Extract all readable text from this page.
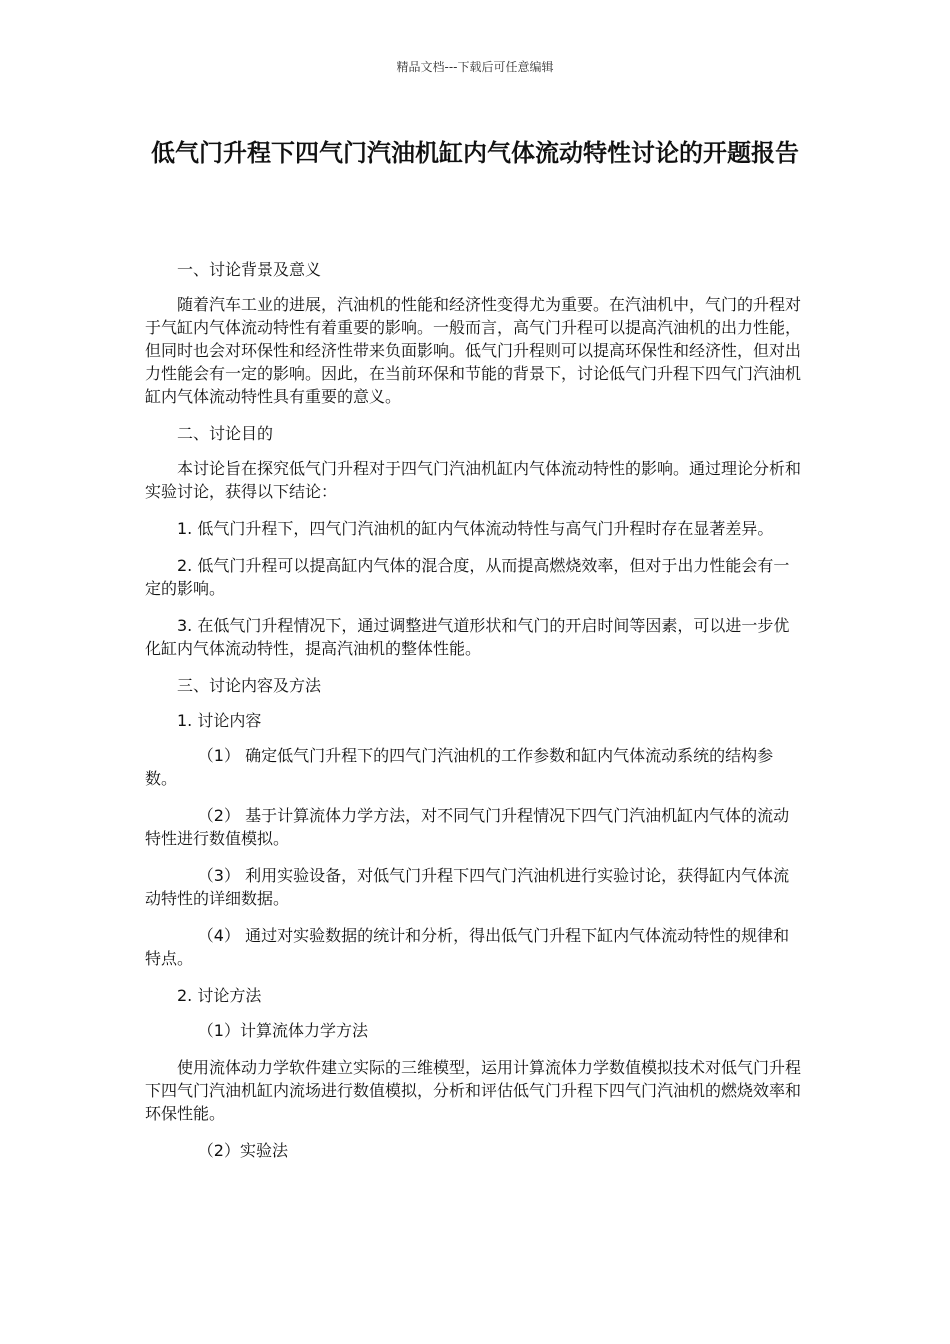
精品文档---下载后可任意编辑
低气门升程下四气门汽油机缸内气体流动特性讨论的开题报告

一、讨论背景及意义

随着汽车工业的进展，汽油机的性能和经济性变得尤为重要。在汽油机中，气门的升程对于气缸内气体流动特性有着重要的影响。一般而言，高气门升程可以提高汽油机的出力性能，但同时也会对环保性和经济性带来负面影响。低气门升程则可以提高环保性和经济性，但对出力性能会有一定的影响。因此，在当前环保和节能的背景下，讨论低气门升程下四气门汽油机缸内气体流动特性具有重要的意义。

二、讨论目的

本讨论旨在探究低气门升程对于四气门汽油机缸内气体流动特性的影响。通过理论分析和实验讨论，获得以下结论：

1. 低气门升程下，四气门汽油机的缸内气体流动特性与高气门升程时存在显著差异。

2. 低气门升程可以提高缸内气体的混合度，从而提高燃烧效率，但对于出力性能会有一定的影响。

3. 在低气门升程情况下，通过调整进气道形状和气门的开启时间等因素，可以进一步优化缸内气体流动特性，提高汽油机的整体性能。

三、讨论内容及方法

1. 讨论内容

（1） 确定低气门升程下的四气门汽油机的工作参数和缸内气体流动系统的结构参数。

（2） 基于计算流体力学方法，对不同气门升程情况下四气门汽油机缸内气体的流动特性进行数值模拟。

（3） 利用实验设备，对低气门升程下四气门汽油机进行实验讨论，获得缸内气体流动特性的详细数据。

（4） 通过对实验数据的统计和分析，得出低气门升程下缸内气体流动特性的规律和特点。

2. 讨论方法

（1）计算流体力学方法

使用流体动力学软件建立实际的三维模型，运用计算流体力学数值模拟技术对低气门升程下四气门汽油机缸内流场进行数值模拟，分析和评估低气门升程下四气门汽油机的燃烧效率和环保性能。

（2）实验法
